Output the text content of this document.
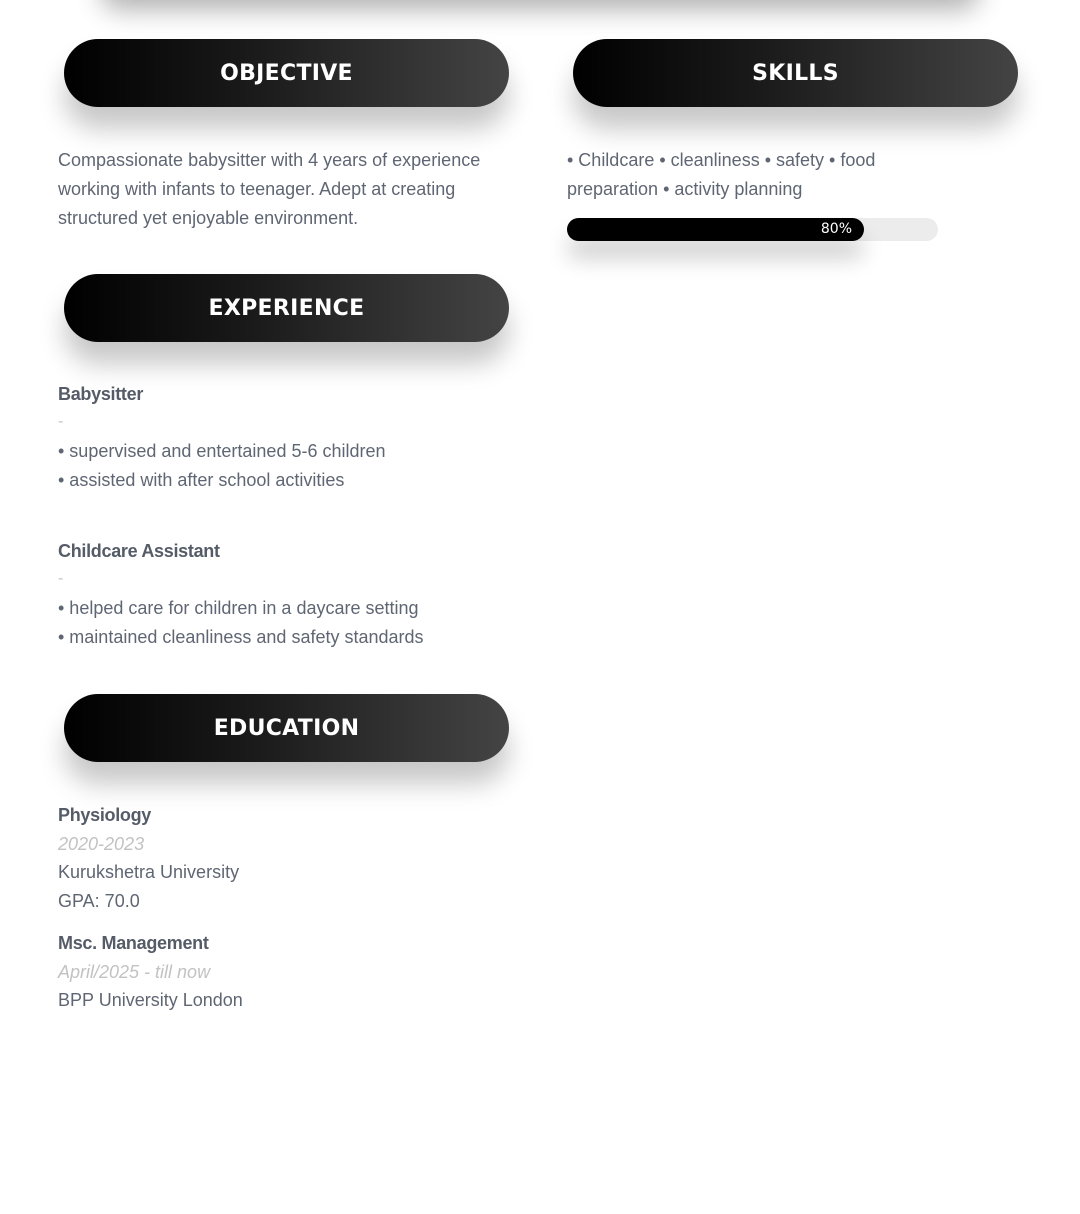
OBJECTIVE
Compassionate babysitter with 4 years of experience
working with infants to teenager. Adept at creating
structured yet enjoyable environment.
SKILLS
• Childcare • cleanliness • safety • food
preparation • activity planning
80%
EXPERIENCE
Babysitter
-
• supervised and entertained 5-6 children
• assisted with after school activities
Childcare Assistant
-
• helped care for children in a daycare setting
• maintained cleanliness and safety standards
EDUCATION
Physiology
2020-2023
Kurukshetra University
GPA: 70.0
Msc. Management
April/2025 - till now
BPP University London
